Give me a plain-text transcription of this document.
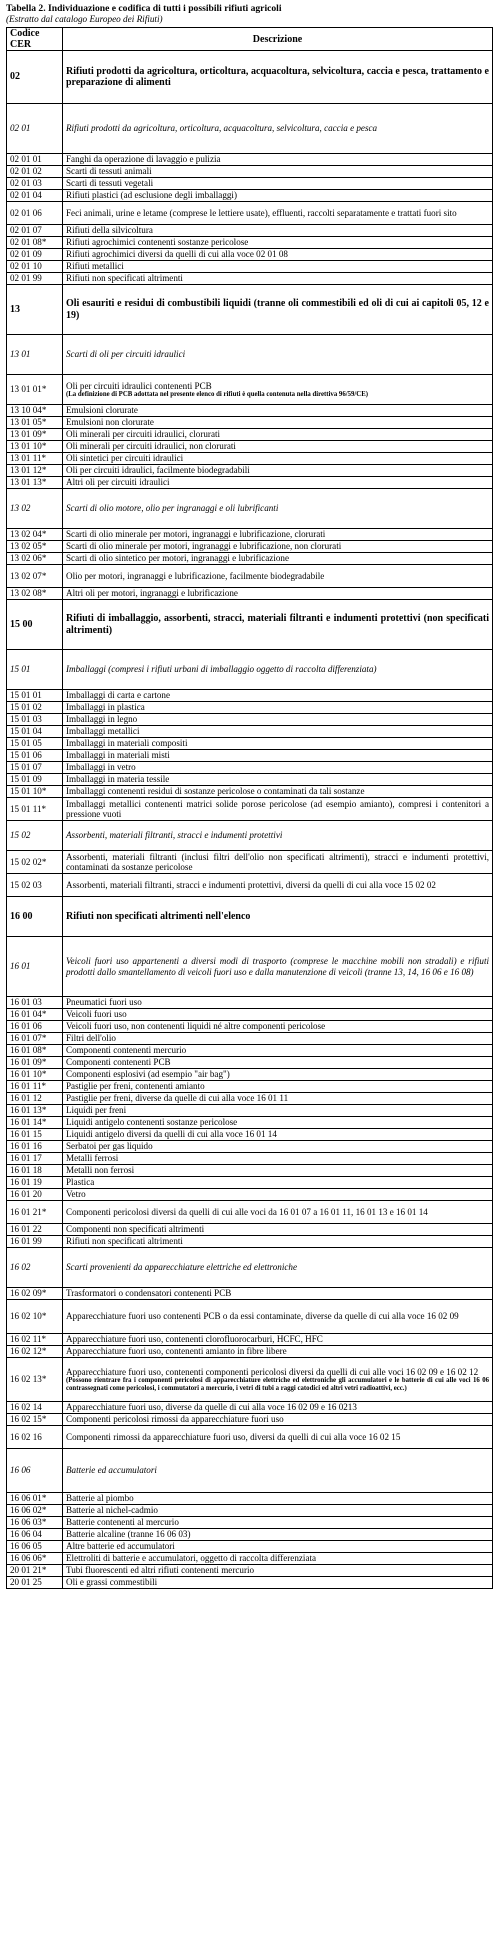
Tabella 2. Individuazione e codifica di tutti i possibili rifiuti agricoli
(Estratto dal catalogo Europeo dei Rifiuti)
Codice CER	Descrizione
02	Rifiuti prodotti da agricoltura, orticoltura, acquacoltura, selvicoltura, caccia e pesca, trattamento e preparazione di alimenti
02 01	Rifiuti prodotti da agricoltura, orticoltura, acquacoltura, selvicoltura, caccia e pesca
02 01 01	Fanghi da operazione di lavaggio e pulizia
02 01 02	Scarti di tessuti animali
02 01 03	Scarti di tessuti vegetali
02 01 04	Rifiuti plastici (ad esclusione degli imballaggi)
02 01 06	Feci animali, urine e letame (comprese le lettiere usate), effluenti, raccolti separatamente e trattati fuori sito
02 01 07	Rifiuti della silvicoltura
02 01 08*	Rifiuti agrochimici contenenti sostanze pericolose
02 01 09	Rifiuti agrochimici diversi da quelli di cui alla voce 02 01 08
02 01 10	Rifiuti metallici
02 01 99	Rifiuti non specificati altrimenti
13	Oli esauriti e residui di combustibili liquidi (tranne oli commestibili ed oli di cui ai capitoli 05, 12 e 19)
13 01	Scarti di oli per circuiti idraulici
13 01 01*	Oli per circuiti idraulici contenenti PCB
(La definizione di PCB adottata nel presente elenco di rifiuti è quella contenuta nella direttiva 96/59/CE)

13 10 04*	Emulsioni clorurate
13 01 05*	Emulsioni non clorurate
13 01 09*	Oli minerali per circuiti idraulici, clorurati
13 01 10*	Oli minerali per circuiti idraulici, non clorurati
13 01 11*	Oli sintetici per circuiti idraulici
13 01 12*	Oli per circuiti idraulici, facilmente biodegradabili
13 01 13*	Altri oli per circuiti idraulici
13 02	Scarti di olio motore, olio per ingranaggi e oli lubrificanti
13 02 04*	Scarti di olio minerale per motori, ingranaggi e lubrificazione, clorurati
13 02 05*	Scarti di olio minerale per motori, ingranaggi e lubrificazione, non clorurati
13 02 06*	Scarti di olio sintetico per motori, ingranaggi e lubrificazione
13 02 07*	Olio per motori, ingranaggi e lubrificazione, facilmente biodegradabile
13 02 08*	Altri oli per motori, ingranaggi e lubrificazione
15 00	Rifiuti di imballaggio, assorbenti, stracci, materiali filtranti e indumenti protettivi (non specificati altrimenti)
15 01	Imballaggi (compresi i rifiuti urbani di imballaggio oggetto di raccolta differenziata)
15 01 01	Imballaggi di carta e cartone
15 01 02	Imballaggi in plastica
15 01 03	Imballaggi in legno
15 01 04	Imballaggi metallici
15 01 05	Imballaggi in materiali compositi
15 01 06	Imballaggi in materiali misti
15 01 07	Imballaggi in vetro
15 01 09	Imballaggi in materia tessile
15 01 10*	Imballaggi contenenti residui di sostanze pericolose o contaminati da tali sostanze
15 01 11*	Imballaggi metallici contenenti matrici solide porose pericolose (ad esempio amianto), compresi i contenitori a pressione vuoti
15 02	Assorbenti, materiali filtranti, stracci e indumenti protettivi
15 02 02*	Assorbenti, materiali filtranti (inclusi filtri dell'olio non specificati altrimenti), stracci e indumenti protettivi, contaminati da sostanze pericolose
15 02 03	Assorbenti, materiali filtranti, stracci e indumenti protettivi, diversi da quelli di cui alla voce 15 02 02
16 00	Rifiuti non specificati altrimenti nell'elenco
16 01	Veicoli fuori uso appartenenti a diversi modi di trasporto (comprese le macchine mobili non stradali) e rifiuti prodotti dallo smantellamento di veicoli fuori uso e dalla manutenzione di veicoli (tranne 13, 14, 16 06 e 16 08)
16 01 03	Pneumatici fuori uso
16 01 04*	Veicoli fuori uso
16 01 06	Veicoli fuori uso, non contenenti liquidi né altre componenti pericolose
16 01 07*	Filtri dell'olio
16 01 08*	Componenti contenenti mercurio
16 01 09*	Componenti contenenti PCB
16 01 10*	Componenti esplosivi (ad esempio "air bag")
16 01 11*	Pastiglie per freni, contenenti amianto
16 01 12	Pastiglie per freni, diverse da quelle di cui alla voce 16 01 11
16 01 13*	Liquidi per freni
16 01 14*	Liquidi antigelo contenenti sostanze pericolose
16 01 15	Liquidi antigelo diversi da quelli di cui alla voce 16 01 14
16 01 16	Serbatoi per gas liquido
16 01 17	Metalli ferrosi
16 01 18	Metalli non ferrosi
16 01 19	Plastica
16 01 20	Vetro
16 01 21*	Componenti pericolosi diversi da quelli di cui alle voci da 16 01 07 a 16 01 11, 16 01 13 e 16 01 14
16 01 22	Componenti non specificati altrimenti
16 01 99	Rifiuti non specificati altrimenti
16 02	Scarti provenienti da apparecchiature elettriche ed elettroniche
16 02 09*	Trasformatori o condensatori contenenti PCB
16 02 10*	Apparecchiature fuori uso contenenti PCB o da essi contaminate, diverse da quelle di cui alla voce 16 02 09
16 02 11*	Apparecchiature fuori uso, contenenti clorofluorocarburi, HCFC, HFC
16 02 12*	Apparecchiature fuori uso, contenenti amianto in fibre libere
16 02 13*	Apparecchiature fuori uso, contenenti componenti pericolosi diversi da quelli di cui alle voci 16 02 09 e 16 02 12
(Possono rientrare fra i componenti pericolosi di apparecchiature elettriche ed elettroniche gli accumulatori e le batterie di cui alle voci 16 06 contrassegnati come pericolosi, i commutatori a mercurio, i vetri di tubi a raggi catodici ed altri vetri radioattivi, ecc.)

16 02 14	Apparecchiature fuori uso, diverse da quelle di cui alla voce 16 02 09 e 16 0213
16 02 15*	Componenti pericolosi rimossi da apparecchiature fuori uso
16 02 16	Componenti rimossi da apparecchiature fuori uso, diversi da quelli di cui alla voce 16 02 15
16 06	Batterie ed accumulatori
16 06 01*	Batterie al piombo
16 06 02*	Batterie al nichel-cadmio
16 06 03*	Batterie contenenti al mercurio
16 06 04	Batterie alcaline (tranne 16 06 03)
16 06 05	Altre batterie ed accumulatori
16 06 06*	Elettroliti di batterie e accumulatori, oggetto di raccolta differenziata
20 01 21*	Tubi fluorescenti ed altri rifiuti contenenti mercurio
20 01 25	Oli e grassi commestibili
